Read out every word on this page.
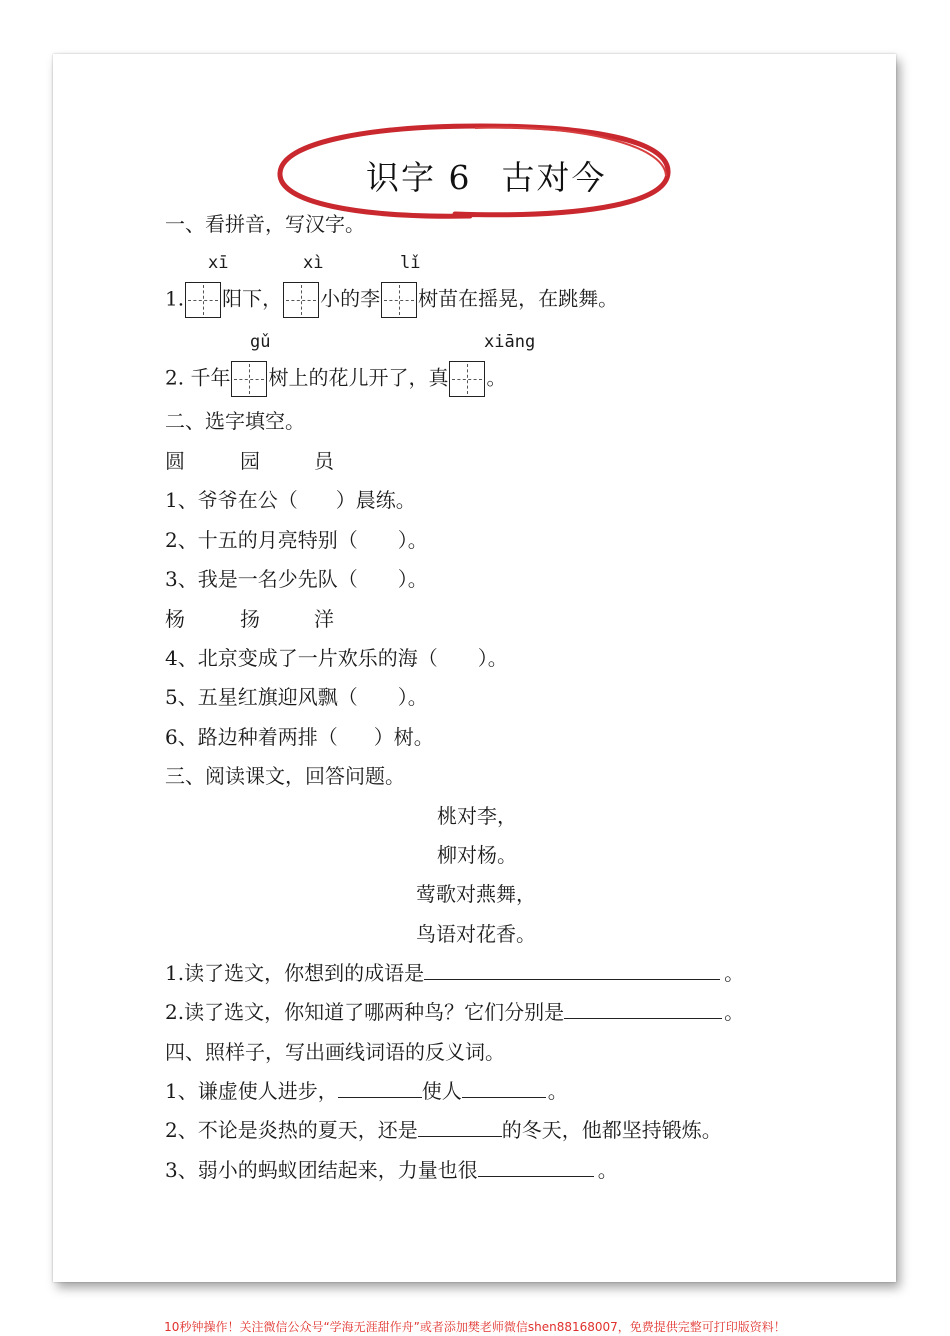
识字 6 古对今
一、看拼音，写汉字。
xī	xì	lǐ
1. 阳下， 小的李 树苗在摇晃，在跳舞。
gǔ	xiāng
2. 千年 树上的花儿开了，真 。
二、选字填空。
圆	园	员
1、爷爷在公（ ）晨练。
2、十五的月亮特别（ ）。
3、我是一名少先队（ ）。
杨	扬	洋
4、北京变成了一片欢乐的海（ ）。
5、五星红旗迎风飘（ ）。
6、路边种着两排（ ）树。
三、阅读课文，回答问题。
桃对李，
柳对杨。
莺歌对燕舞，
鸟语对花香。
1.读了选文，你想到的成语是	。
2.读了选文，你知道了哪两种鸟？它们分别是	。
四、照样子，写出画线词语的反义词。
1、谦虚使人进步，	使人	。
2、不论是炎热的夏天，还是	的冬天，他都坚持锻炼。
3、弱小的蚂蚁团结起来，力量也很	。
10秒钟操作！关注微信公众号“学海无涯甜作舟”或者添加樊老师微信shen88168007，免费提供完整可打印版资料！
